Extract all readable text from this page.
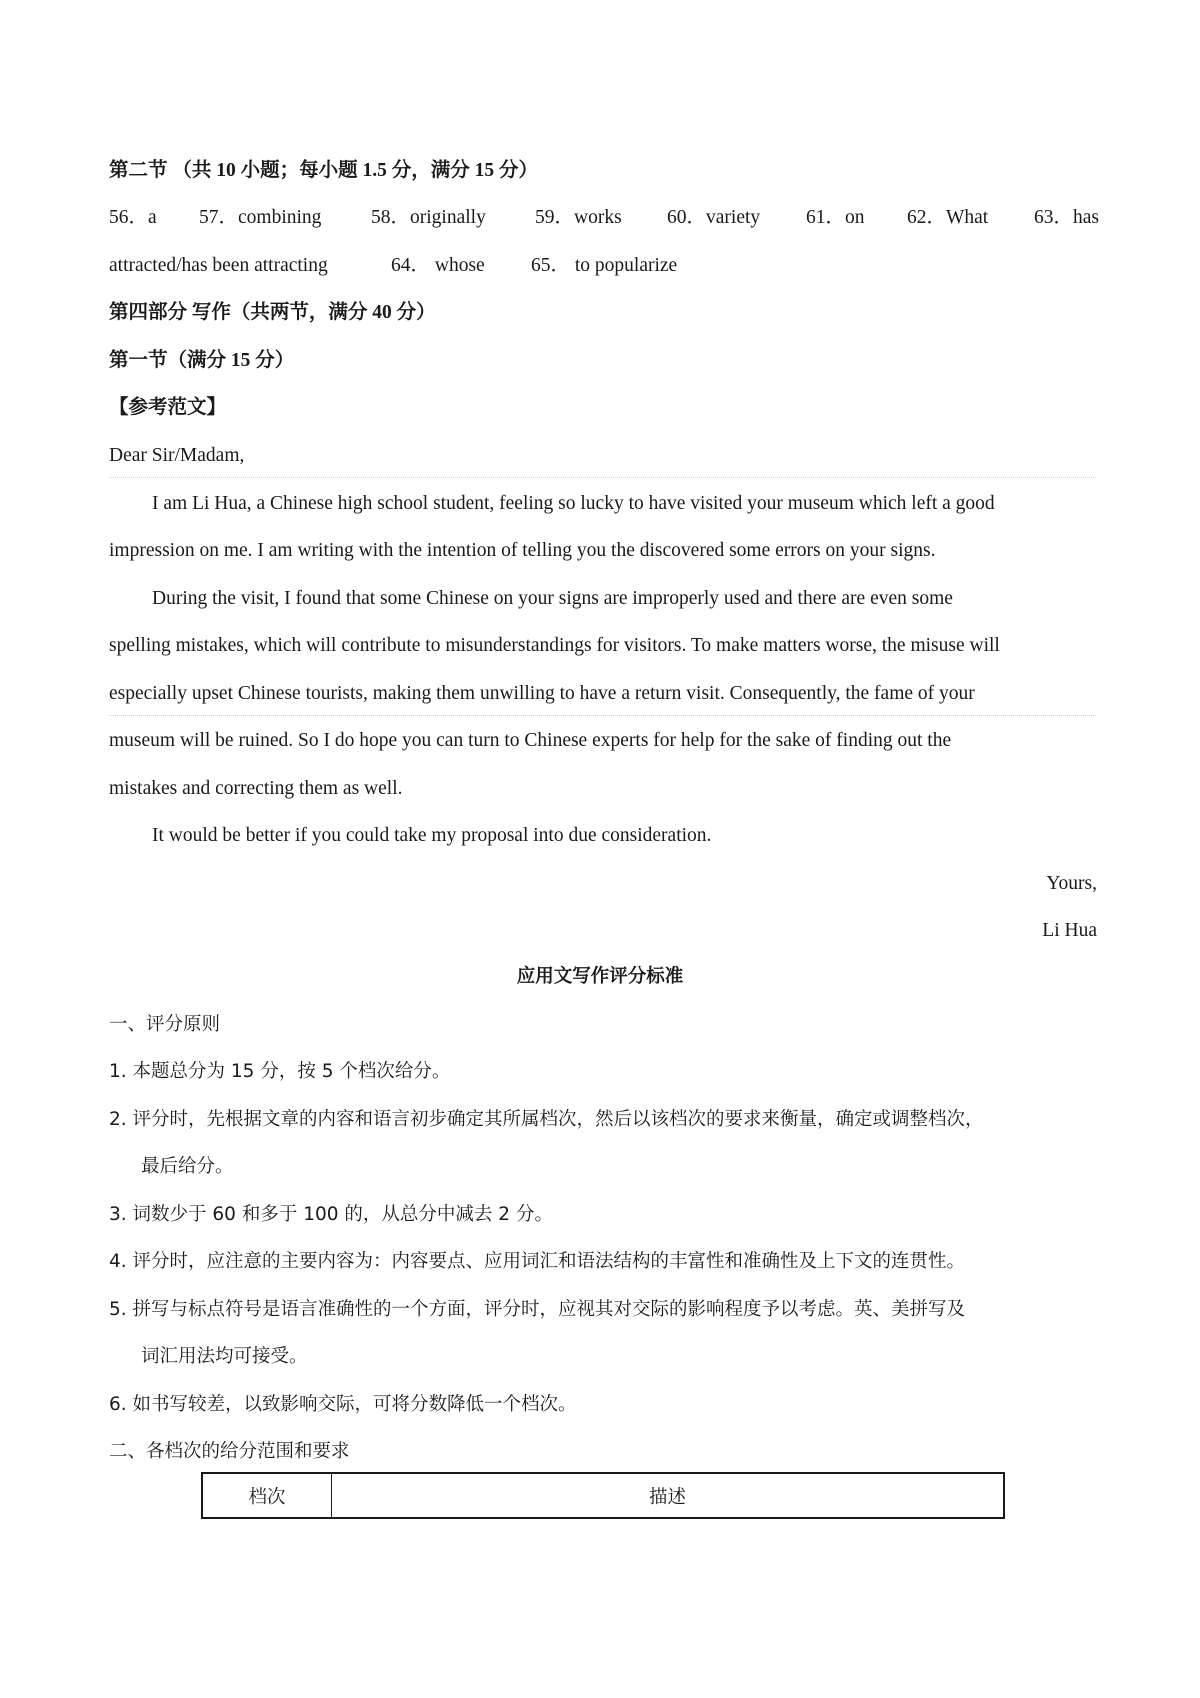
第二节 （共 10 小题；每小题 1.5 分，满分 15 分）
56．a 57．combining	58．originally	59．works 60．variety 61．on 62．What 63．has
attracted/has been attracting	64． whose 65． to popularize
第四部分 写作（共两节，满分 40 分）
第一节（满分 15 分）
【参考范文】
Dear Sir/Madam,
I am Li Hua, a Chinese high school student, feeling so lucky to have visited your museum which left a good
impression on me. I am writing with the intention of telling you the discovered some errors on your signs.
During the visit, I found that some Chinese on your signs are improperly used and there are even some
spelling mistakes, which will contribute to misunderstandings for visitors. To make matters worse, the misuse will
especially upset Chinese tourists, making them unwilling to have a return visit. Consequently, the fame of your
museum will be ruined. So I do hope you can turn to Chinese experts for help for the sake of finding out the
mistakes and correcting them as well.
It would be better if you could take my proposal into due consideration.
Yours,
Li Hua
应用文写作评分标准
一、评分原则
1. 本题总分为 15 分，按 5 个档次给分。
2. 评分时，先根据文章的内容和语言初步确定其所属档次，然后以该档次的要求来衡量，确定或调整档次，
最后给分。
3. 词数少于 60 和多于 100 的，从总分中减去 2 分。
4. 评分时，应注意的主要内容为：内容要点、应用词汇和语法结构的丰富性和准确性及上下文的连贯性。
5. 拼写与标点符号是语言准确性的一个方面，评分时，应视其对交际的影响程度予以考虑。英、美拼写及
词汇用法均可接受。
6. 如书写较差，以致影响交际，可将分数降低一个档次。
二、各档次的给分范围和要求
档次	描述
